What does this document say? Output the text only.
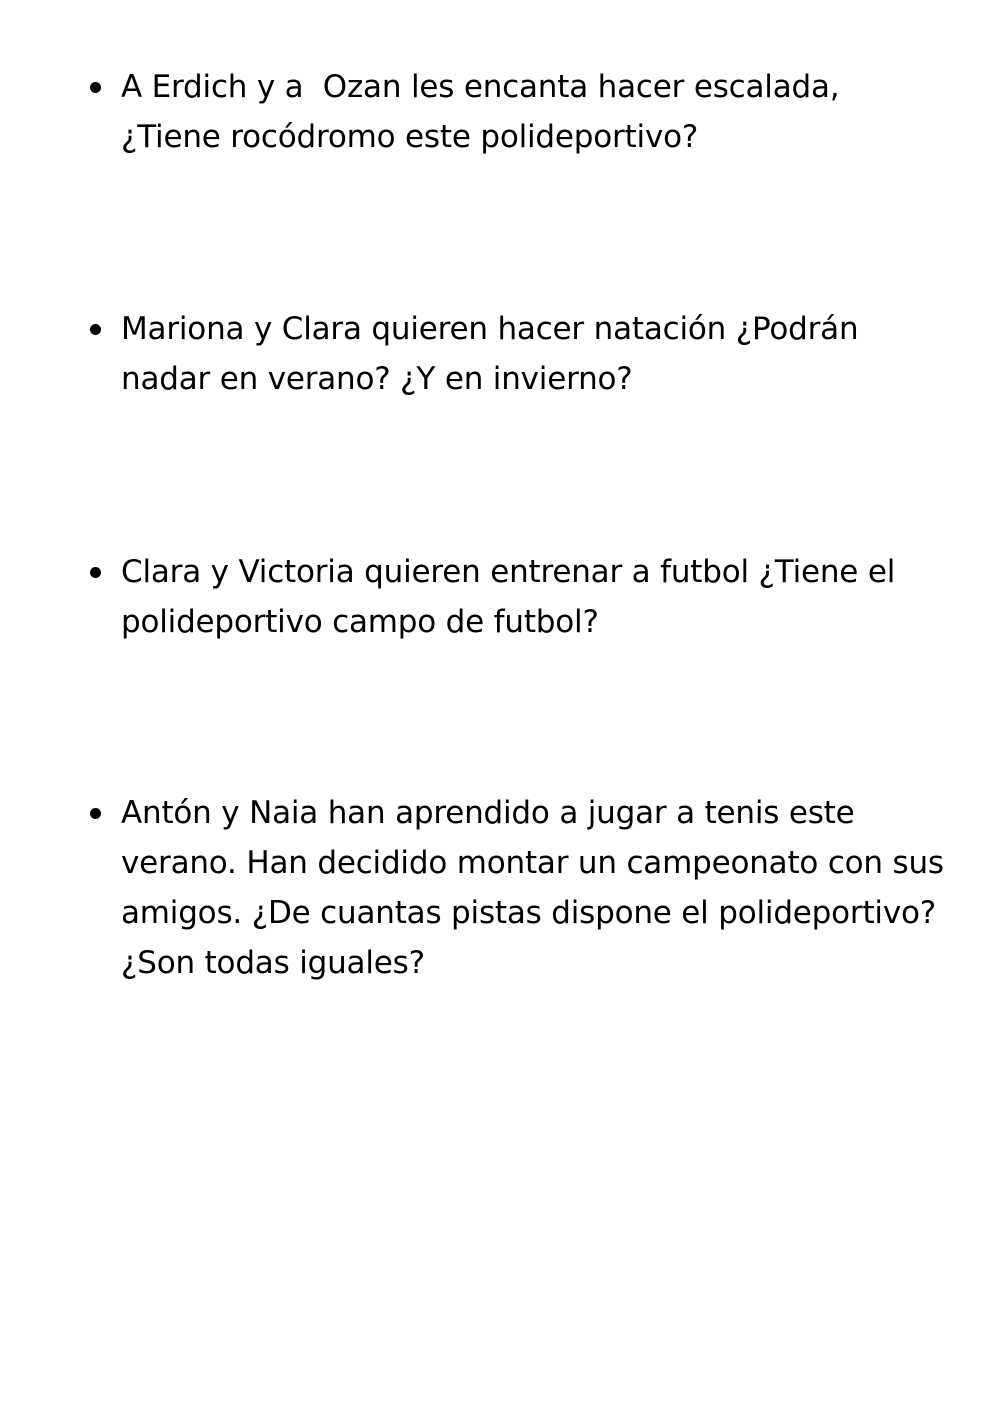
A Erdich y a  Ozan les encanta hacer escalada,
¿Tiene rocódromo este polideportivo?
Mariona y Clara quieren hacer natación ¿Podrán
nadar en verano? ¿Y en invierno?
Clara y Victoria quieren entrenar a futbol ¿Tiene el
polideportivo campo de futbol?
Antón y Naia han aprendido a jugar a tenis este
verano. Han decidido montar un campeonato con sus
amigos. ¿De cuantas pistas dispone el polideportivo?
¿Son todas iguales?
